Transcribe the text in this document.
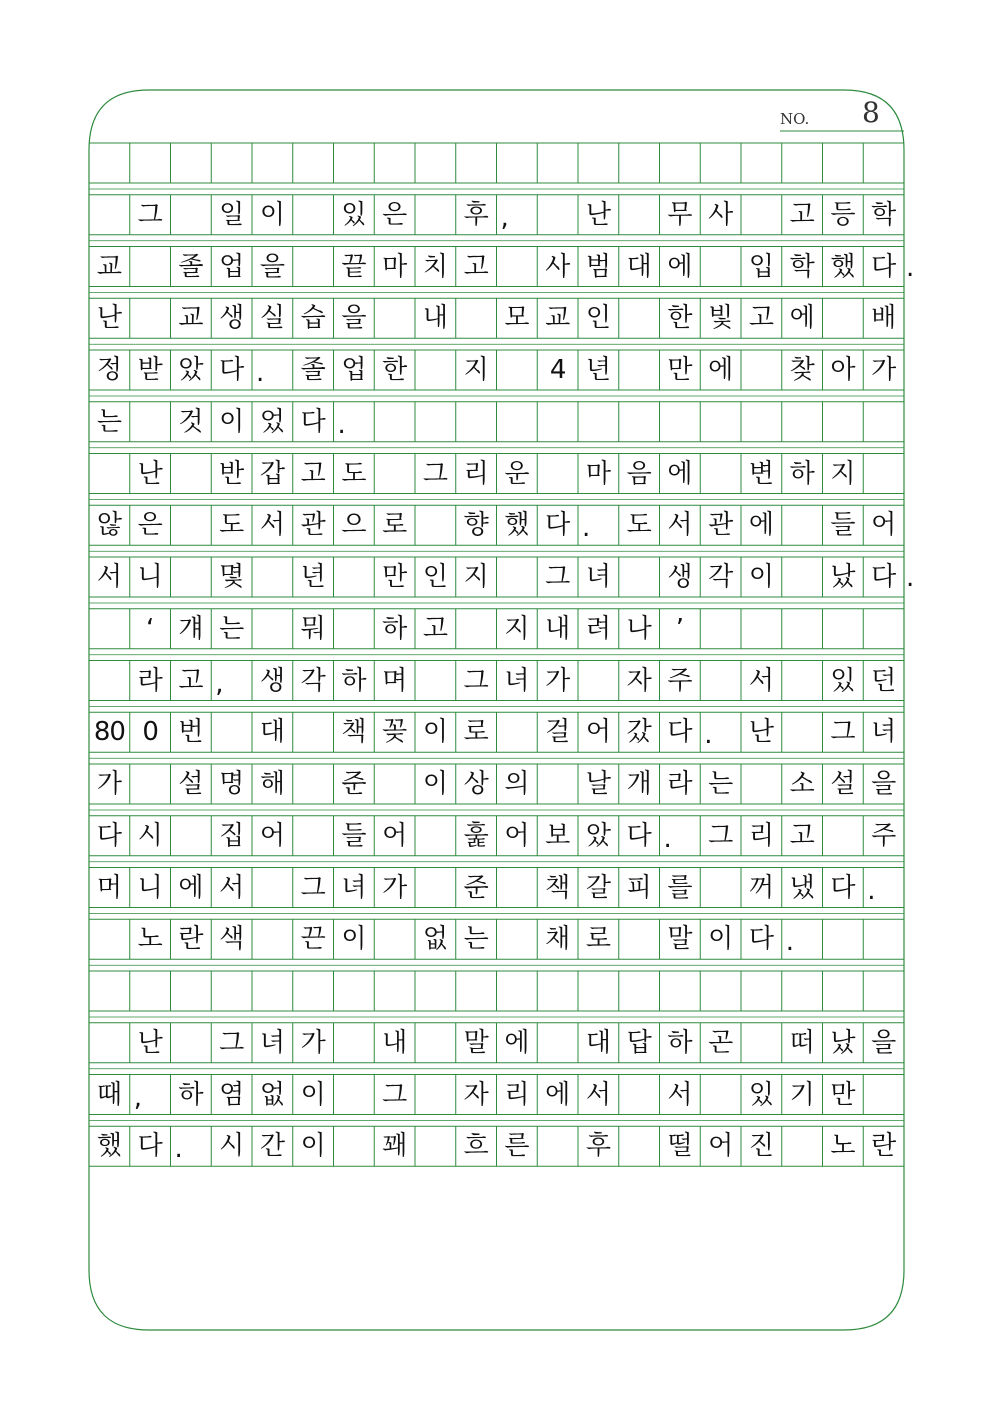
NO. 8
그	일 이	있 은	후 ,	난	무 사	고 등 학
교	졸 업 을	끝 마 치 고	사 범 대 에	입 학 했 다 .
난	교 생 실 습 을	내	모 교 인	한 빛 고 에	배
정 받 았 다 .	졸 업 한	지	4 년	만 에	찾 아 가
는	것 이 었 다 .
난	반 갑 고 도	그 리 운	마 음 에	변 하 지
않 은	도 서 관 으 로	향 했 다 .	도 서 관 에	들 어
서 니	몇	년	만 인 지	그 녀	생 각 이	났 다 .
‘ 걔 는	뭐	하 고	지 내 려 나 ’
라 고 ,	생 각 하 며	그 녀 가	자 주	서	있 던
80 0 번	대	책 꽂 이 로	걸 어 갔 다 .	난	그 녀
가	설 명 해	준	이 상 의	날 개 라 는	소 설 을
다 시	집 어	들 어	훑 어 보 았 다 .	그 리 고	주
머 니 에 서	그 녀 가	준	책 갈 피 를	꺼 냈 다 .
노 란 색	끈 이	없 는	채 로	말 이 다 .
난	그 녀 가	내	말 에	대 답 하 곤	떠 났 을
때 ,	하 염 없 이	그	자 리 에 서	서	있 기 만
했 다 .	시 간 이	꽤	흐 른	후	떨 어 진	노 란
